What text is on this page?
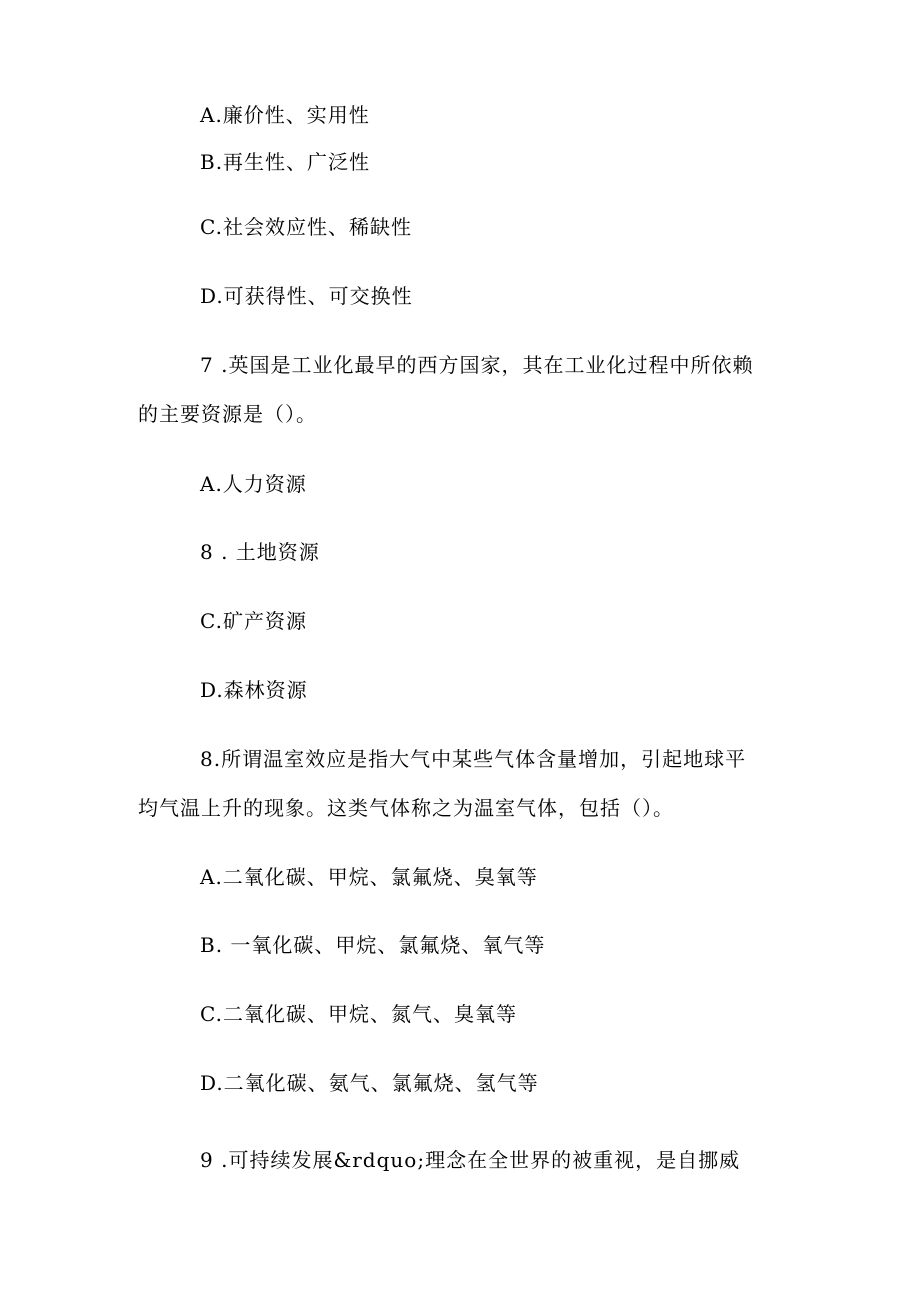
A.廉价性、实用性
B.再生性、广泛性
C.社会效应性、稀缺性
D.可获得性、可交换性
7 .英国是工业化最早的西方国家，其在工业化过程中所依赖
的主要资源是（）。
A.人力资源
8 . 土地资源
C.矿产资源
D.森林资源
8.所谓温室效应是指大气中某些气体含量增加，引起地球平
均气温上升的现象。这类气体称之为温室气体，包括（）。
A.二氧化碳、甲烷、氯氟烧、臭氧等
B. 一氧化碳、甲烷、氯氟烧、氧气等
C.二氧化碳、甲烷、氮气、臭氧等
D.二氧化碳、氨气、氯氟烧、氢气等
9 .可持续发展&rdquo;理念在全世界的被重视，是自挪威
